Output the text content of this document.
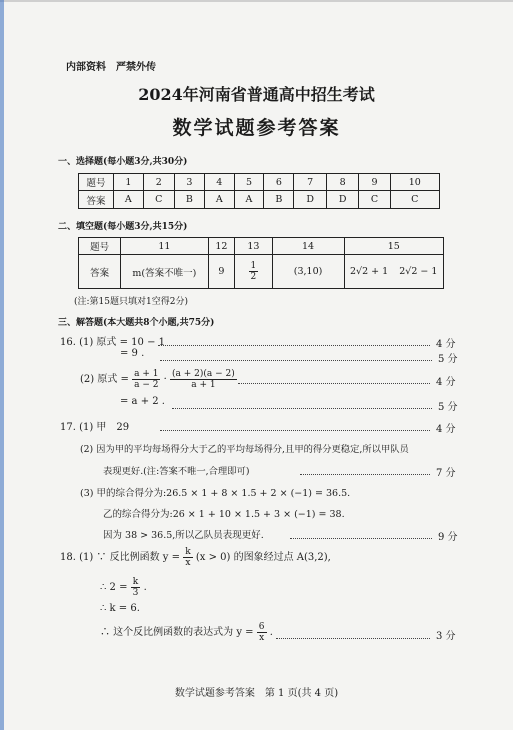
内部资料　严禁外传
2024年河南省普通高中招生考试
数学试题参考答案
一、选择题(每小题3分,共30分)
题号	1	2	3	4	5	6	7	8	9	10
答案	A	C	B	A	A	B	D	D	C	C
二、填空题(每小题3分,共15分)
题号	11	12	13	14	15	
答案	m(答案不唯一)	9	$\frac{1}{2}$	(3,10)	2√2 + 1	2√2 − 1
(注:第15题只填对1空得2分)
三、解答题(本大题共8个小题,共75分)
16. (1) 原式 = 10 − 1	4 分
= 9 .
5 分
(2) 原式 = $\frac{a + 1}{a - 2} \cdot \frac{(a + 2)(a - 2)}{a + 1}$	4 分
= a + 2 .
5 分
17. (1) 甲　29	4 分
(2) 因为甲的平均每场得分大于乙的平均每场得分,且甲的得分更稳定,所以甲队员
表现更好.(注:答案不唯一,合理即可)	7 分
(3) 甲的综合得分为:26.5 × 1 + 8 × 1.5 + 2 × (−1) = 36.5.
乙的综合得分为:26 × 1 + 10 × 1.5 + 3 × (−1) = 38.
因为 38 > 36.5,所以乙队员表现更好.	9 分
18. (1) ∵ 反比例函数 $y = \frac{k}{x} (x > 0)$ 的图象经过点 A(3,2),
∴ $2 = \frac{k}{3}$ .
∴ k = 6.
∴ 这个反比例函数的表达式为 $y = \frac{6}{x}$ .	3 分
数学试题参考答案　第 1 页(共 4 页)
